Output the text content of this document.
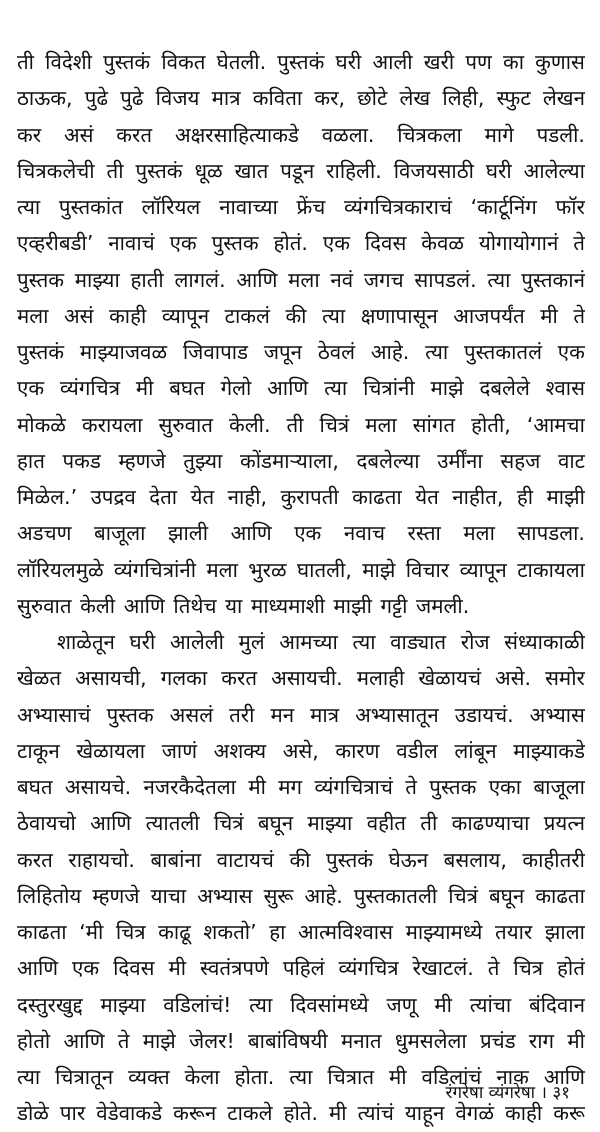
ती विदेशी पुस्तकं विकत घेतली. पुस्तकं घरी आली खरी पण का कुणास
ठाऊक, पुढे पुढे विजय मात्र कविता कर, छोटे लेख लिही, स्फुट लेखन
कर असं करत अक्षरसाहित्याकडे वळला. चित्रकला मागे पडली.
चित्रकलेची ती पुस्तकं धूळ खात पडून राहिली. विजयसाठी घरी आलेल्या
त्या पुस्तकांत लॉरियल नावाच्या फ्रेंच व्यंगचित्रकाराचं ‘कार्टूनिंग फॉर
एव्हरीबडी’ नावाचं एक पुस्तक होतं. एक दिवस केवळ योगायोगानं ते
पुस्तक माझ्या हाती लागलं. आणि मला नवं जगच सापडलं. त्या पुस्तकानं
मला असं काही व्यापून टाकलं की त्या क्षणापासून आजपर्यंत मी ते
पुस्तकं माझ्याजवळ जिवापाड जपून ठेवलं आहे. त्या पुस्तकातलं एक
एक व्यंगचित्र मी बघत गेलो आणि त्या चित्रांनी माझे दबलेले श्वास
मोकळे करायला सुरुवात केली. ती चित्रं मला सांगत होती, ‘आमचा
हात पकड म्हणजे तुझ्या कोंडमाऱ्याला, दबलेल्या उर्मींना सहज वाट
मिळेल.’ उपद्रव देता येत नाही, कुरापती काढता येत नाहीत, ही माझी
अडचण बाजूला झाली आणि एक नवाच रस्ता मला सापडला.
लॉरियलमुळे व्यंगचित्रांनी मला भुरळ घातली, माझे विचार व्यापून टाकायला
सुरुवात केली आणि तिथेच या माध्यमाशी माझी गट्टी जमली.
शाळेतून घरी आलेली मुलं आमच्या त्या वाड्यात रोज संध्याकाळी
खेळत असायची, गलका करत असायची. मलाही खेळायचं असे. समोर
अभ्यासाचं पुस्तक असलं तरी मन मात्र अभ्यासातून उडायचं. अभ्यास
टाकून खेळायला जाणं अशक्य असे, कारण वडील लांबून माझ्याकडे
बघत असायचे. नजरकैदेतला मी मग व्यंगचित्राचं ते पुस्तक एका बाजूला
ठेवायचो आणि त्यातली चित्रं बघून माझ्या वहीत ती काढण्याचा प्रयत्न
करत राहायचो. बाबांना वाटायचं की पुस्तकं घेऊन बसलाय, काहीतरी
लिहितोय म्हणजे याचा अभ्यास सुरू आहे. पुस्तकातली चित्रं बघून काढता
काढता ‘मी चित्र काढू शकतो’ हा आत्मविश्वास माझ्यामध्ये तयार झाला
आणि एक दिवस मी स्वतंत्रपणे पहिलं व्यंगचित्र रेखाटलं. ते चित्र होतं
दस्तुरखुद्द माझ्या वडिलांचं! त्या दिवसांमध्ये जणू मी त्यांचा बंदिवान
होतो आणि ते माझे जेलर! बाबांविषयी मनात धुमसलेला प्रचंड राग मी
त्या चित्रातून व्यक्त केला होता. त्या चित्रात मी वडिलांचं नाक आणि
डोळे पार वेडेवाकडे करून टाकले होते. मी त्यांचं याहून वेगळं काही करू
रंगरेषा व्यंगरेषा । ३१
